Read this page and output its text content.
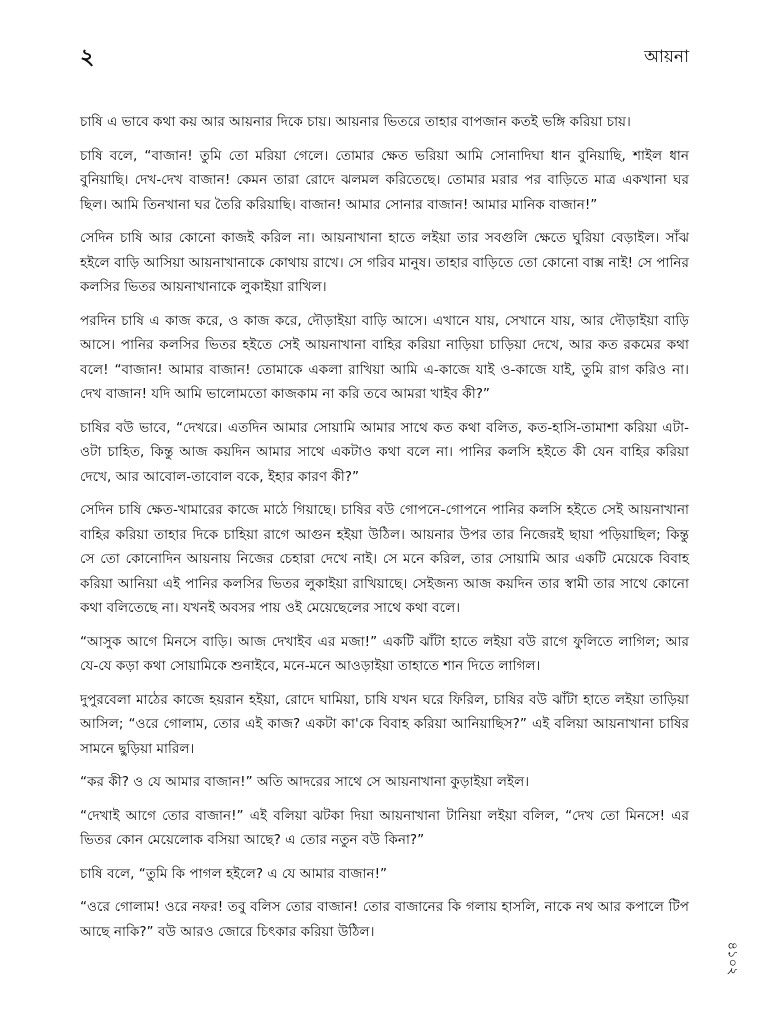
২	আয়না

চাষি এ ভাবে কথা কয় আর আয়নার দিকে চায়। আয়নার ভিতরে তাহার বাপজান কতই ভঙ্গি করিয়া চায়।

চাষি বলে, “বাজান! তুমি তো মরিয়া গেলে। তোমার ক্ষেত ভরিয়া আমি সোনাদিঘা ধান বুনিয়াছি, শাইল ধান বুনিয়াছি। দেখ-দেখ বাজান! কেমন তারা রোদে ঝলমল করিতেছে। তোমার মরার পর বাড়িতে মাত্র একখানা ঘর ছিল। আমি তিনখানা ঘর তৈরি করিয়াছি। বাজান! আমার সোনার বাজান! আমার মানিক বাজান!”

সেদিন চাষি আর কোনো কাজই করিল না। আয়নাখানা হাতে লইয়া তার সবগুলি ক্ষেতে ঘুরিয়া বেড়াইল। সাঁঝ হইলে বাড়ি আসিয়া আয়নাখানাকে কোথায় রাখে। সে গরিব মানুষ। তাহার বাড়িতে তো কোনো বাক্স নাই! সে পানির কলসির ভিতর আয়নাখানাকে লুকাইয়া রাখিল।

পরদিন চাষি এ কাজ করে, ও কাজ করে, দৌড়াইয়া বাড়ি আসে। এখানে যায়, সেখানে যায়, আর দৌড়াইয়া বাড়ি আসে। পানির কলসির ভিতর হইতে সেই আয়নাখানা বাহির করিয়া নাড়িয়া চাড়িয়া দেখে, আর কত রকমের কথা বলে! “বাজান! আমার বাজান! তোমাকে একলা রাখিয়া আমি এ-কাজে যাই ও-কাজে যাই, তুমি রাগ করিও না। দেখ বাজান! যদি আমি ভালোমতো কাজকাম না করি তবে আমরা খাইব কী?”

চাষির বউ ভাবে, “দেখরে। এতদিন আমার সোয়ামি আমার সাথে কত কথা বলিত, কত-হাসি-তামাশা করিয়া এটা-ওটা চাহিত, কিন্তু আজ কয়দিন আমার সাথে একটাও কথা বলে না। পানির কলসি হইতে কী যেন বাহির করিয়া দেখে, আর আবোল-তাবোল বকে, ইহার কারণ কী?”

সেদিন চাষি ক্ষেত-খামারের কাজে মাঠে গিয়াছে। চাষির বউ গোপনে-গোপনে পানির কলসি হইতে সেই আয়নাখানা বাহির করিয়া তাহার দিকে চাহিয়া রাগে আগুন হইয়া উঠিল। আয়নার উপর তার নিজেরই ছায়া পড়িয়াছিল; কিন্তু সে তো কোনোদিন আয়নায় নিজের চেহারা দেখে নাই। সে মনে করিল, তার সোয়ামি আর একটি মেয়েকে বিবাহ করিয়া আনিয়া এই পানির কলসির ভিতর লুকাইয়া রাখিয়াছে। সেইজন্য আজ কয়দিন তার স্বামী তার সাথে কোনো কথা বলিতেছে না। যখনই অবসর পায় ওই মেয়েছেলের সাথে কথা বলে।

“আসুক আগে মিনসে বাড়ি। আজ দেখাইব এর মজা!” একটি ঝাঁটা হাতে লইয়া বউ রাগে ফুলিতে লাগিল; আর যে-যে কড়া কথা সোয়ামিকে শুনাইবে, মনে-মনে আওড়াইয়া তাহাতে শান দিতে লাগিল।

দুপুরবেলা মাঠের কাজে হয়রান হইয়া, রোদে ঘামিয়া, চাষি যখন ঘরে ফিরিল, চাষির বউ ঝাঁটা হাতে লইয়া তাড়িয়া আসিল; “ওরে গোলাম, তোর এই কাজ? একটা কা'কে বিবাহ করিয়া আনিয়াছিস?” এই বলিয়া আয়নাখানা চাষির সামনে ছুড়িয়া মারিল।

“কর কী? ও যে আমার বাজান!” অতি আদরের সাথে সে আয়নাখানা কুড়াইয়া লইল।

“দেখাই আগে তোর বাজান!” এই বলিয়া ঝটকা দিয়া আয়নাখানা টানিয়া লইয়া বলিল, “দেখ তো মিনসে! এর ভিতর কোন মেয়েলোক বসিয়া আছে? এ তোর নতুন বউ কিনা?”

চাষি বলে, “তুমি কি পাগল হইলে? এ যে আমার বাজান!”

“ওরে গোলাম! ওরে নফর! তবু বলিস তোর বাজান! তোর বাজানের কি গলায় হাসলি, নাকে নথ আর কপালে টিপ আছে নাকি?” বউ আরও জোরে চিৎকার করিয়া উঠিল।

৪১০২
